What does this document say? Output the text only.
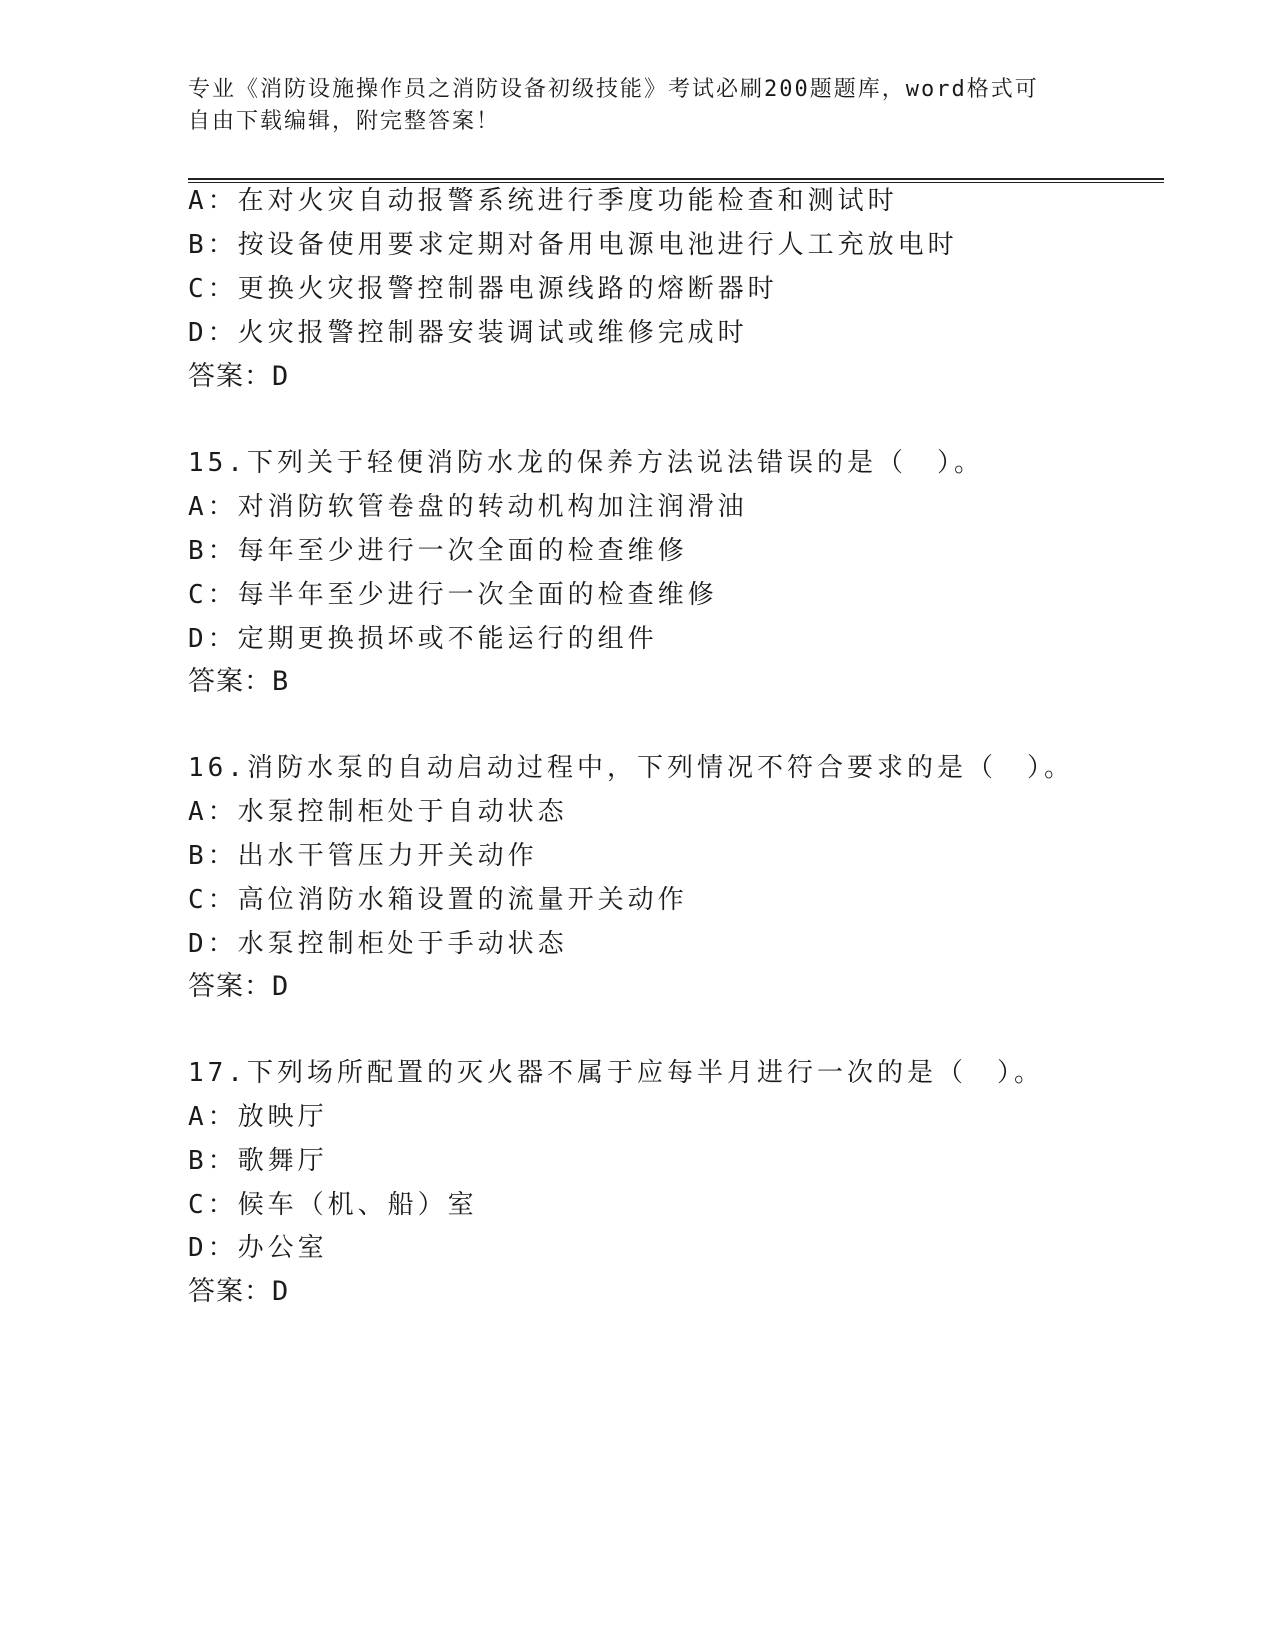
专业《消防设施操作员之消防设备初级技能》考试必刷200题题库，word格式可
自由下载编辑，附完整答案！

A：在对火灾自动报警系统进行季度功能检查和测试时

B：按设备使用要求定期对备用电源电池进行人工充放电时

C：更换火灾报警控制器电源线路的熔断器时

D：火灾报警控制器安装调试或维修完成时

答案：D

15.下列关于轻便消防水龙的保养方法说法错误的是（　）。

A：对消防软管卷盘的转动机构加注润滑油

B：每年至少进行一次全面的检查维修

C：每半年至少进行一次全面的检查维修

D：定期更换损坏或不能运行的组件

答案：B

16.消防水泵的自动启动过程中，下列情况不符合要求的是（　）。

A：水泵控制柜处于自动状态

B：出水干管压力开关动作

C：高位消防水箱设置的流量开关动作

D：水泵控制柜处于手动状态

答案：D

17.下列场所配置的灭火器不属于应每半月进行一次的是（　）。

A：放映厅

B：歌舞厅

C：候车（机、船）室

D：办公室

答案：D
